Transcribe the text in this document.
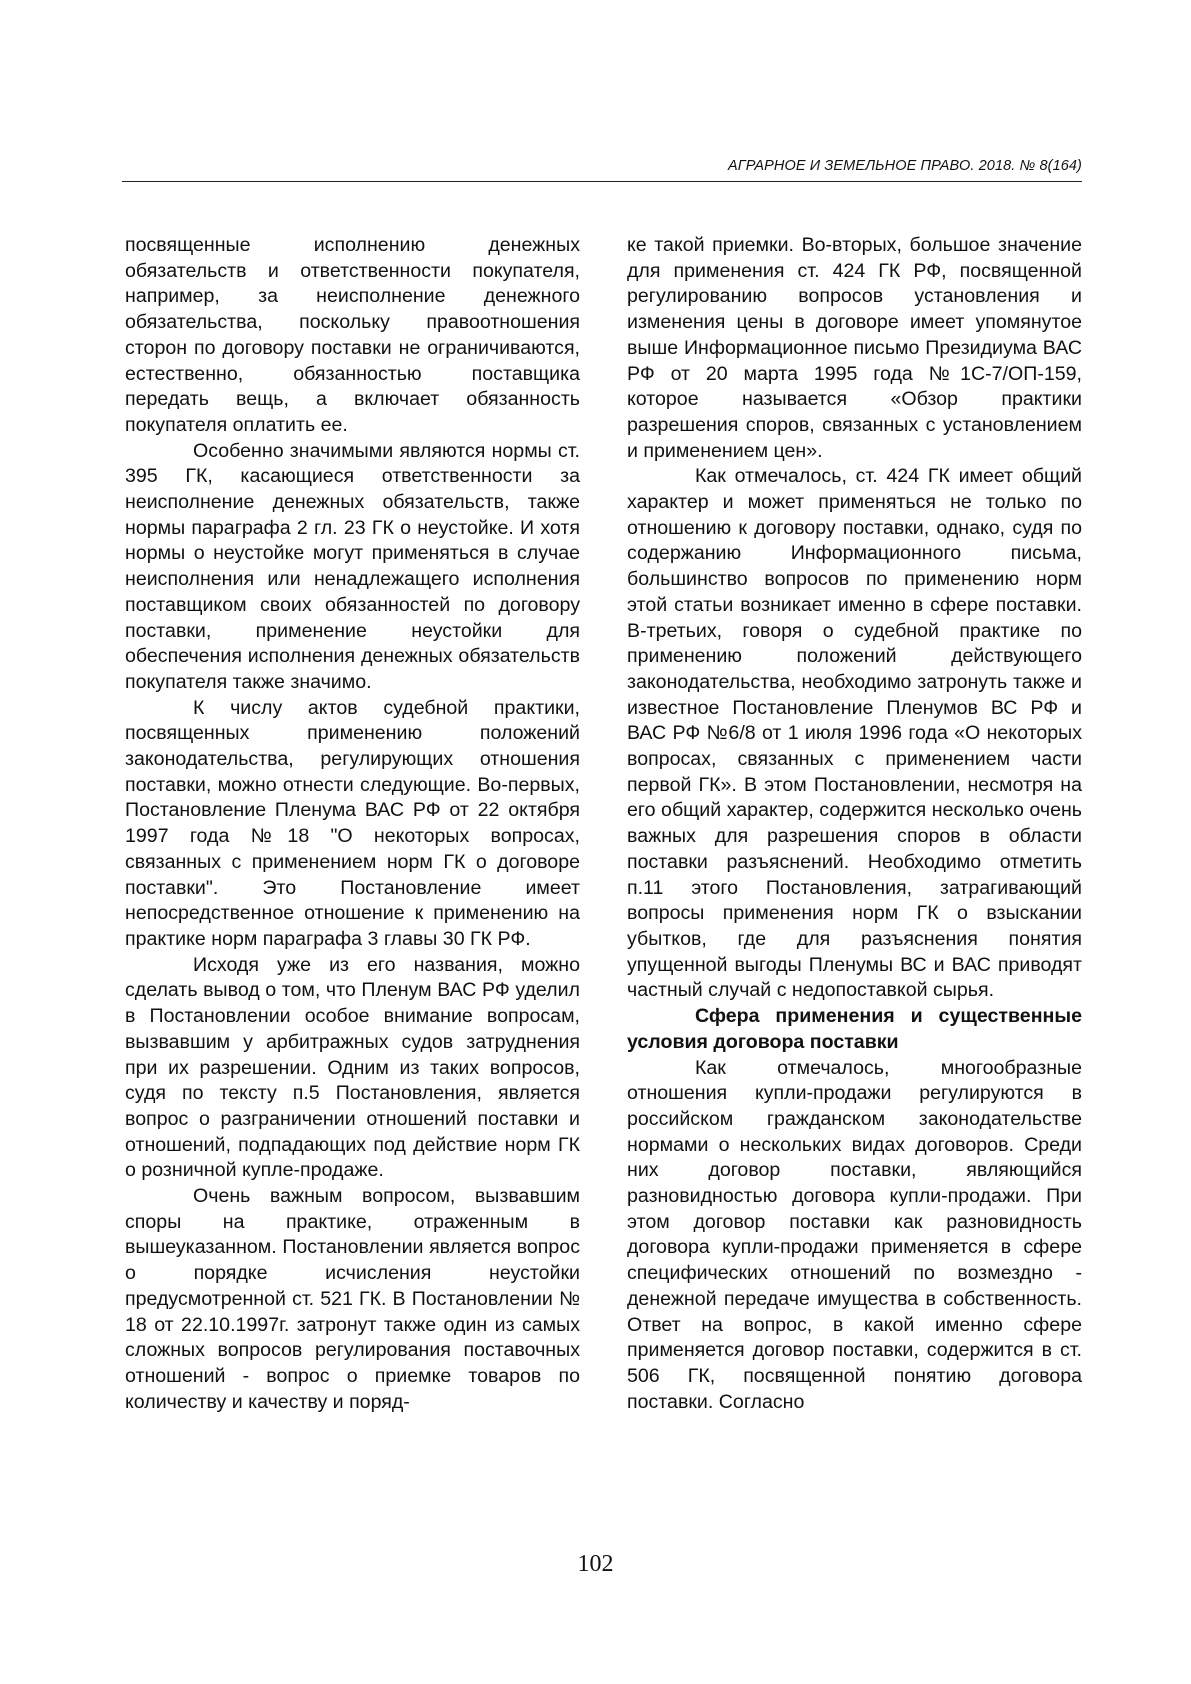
АГРАРНОЕ И ЗЕМЕЛЬНОЕ ПРАВО. 2018. № 8(164)

посвященные исполнению денежных обязательств и ответственности покупателя, например, за неисполнение денежного обязательства, поскольку правоотношения сторон по договору поставки не ограничиваются, естественно, обязанностью поставщика передать вещь, а включает обязанность покупателя оплатить ее.

Особенно значимыми являются нормы ст. 395 ГК, касающиеся ответственности за неисполнение денежных обязательств, также нормы параграфа 2 гл. 23 ГК о неустойке. И хотя нормы о неустойке могут применяться в случае неисполнения или ненадлежащего исполнения поставщиком своих обязанностей по договору поставки, применение неустойки для обеспечения исполнения денежных обязательств покупателя также значимо.

К числу актов судебной практики, посвященных применению положений законодательства, регулирующих отношения поставки, можно отнести следующие. Во-первых, Постановление Пленума ВАС РФ от 22 октября 1997 года №18 "О некоторых вопросах, связанных с применением норм ГК о договоре поставки". Это Постановление имеет непосредственное отношение к применению на практике норм параграфа 3 главы 30 ГК РФ.

Исходя уже из его названия, можно сделать вывод о том, что Пленум ВАС РФ уделил в Постановлении особое внимание вопросам, вызвавшим у арбитражных судов затруднения при их разрешении. Одним из таких вопросов, судя по тексту п.5 Постановления, является вопрос о разграничении отношений поставки и отношений, подпадающих под действие норм ГК о розничной купле-продаже.

Очень важным вопросом, вызвавшим споры на практике, отраженным в вышеуказанном. Постановлении является вопрос о порядке исчисления неустойки предусмотренной ст. 521 ГК. В Постановлении № 18 от 22.10.1997г. затронут также один из самых сложных вопросов регулирования поставочных отношений - вопрос о приемке товаров по количеству и качеству и поряд-

ке такой приемки. Во-вторых, большое значение для применения ст. 424 ГК РФ, посвященной регулированию вопросов установления и изменения цены в договоре имеет упомянутое выше Информационное письмо Президиума ВАС РФ от 20 марта 1995 года №1С-7/ОП-159, которое называется «Обзор практики разрешения споров, связанных с установлением и применением цен».

Как отмечалось, ст. 424 ГК имеет общий характер и может применяться не только по отношению к договору поставки, однако, судя по содержанию Информационного письма, большинство вопросов по применению норм этой статьи возникает именно в сфере поставки. В-третьих, говоря о судебной практике по применению положений действующего законодательства, необходимо затронуть также и известное Постановление Пленумов ВС РФ и ВАС РФ №6/8 от 1 июля 1996 года «О некоторых вопросах, связанных с применением части первой ГК». В этом Постановлении, несмотря на его общий характер, содержится несколько очень важных для разрешения споров в области поставки разъяснений. Необходимо отметить п.11 этого Постановления, затрагивающий вопросы применения норм ГК о взыскании убытков, где для разъяснения понятия упущенной выгоды Пленумы ВС и ВАС приводят частный случай с недопоставкой сырья.

Сфера применения и существенные условия договора поставки

Как отмечалось, многообразные отношения купли-продажи регулируются в российском гражданском законодательстве нормами о нескольких видах договоров. Среди них договор поставки, являющийся разновидностью договора купли-продажи. При этом договор поставки как разновидность договора купли-продажи применяется в сфере специфических отношений по возмездно - денежной передаче имущества в собственность. Ответ на вопрос, в какой именно сфере применяется договор поставки, содержится в ст. 506 ГК, посвященной понятию договора поставки. Согласно

102
